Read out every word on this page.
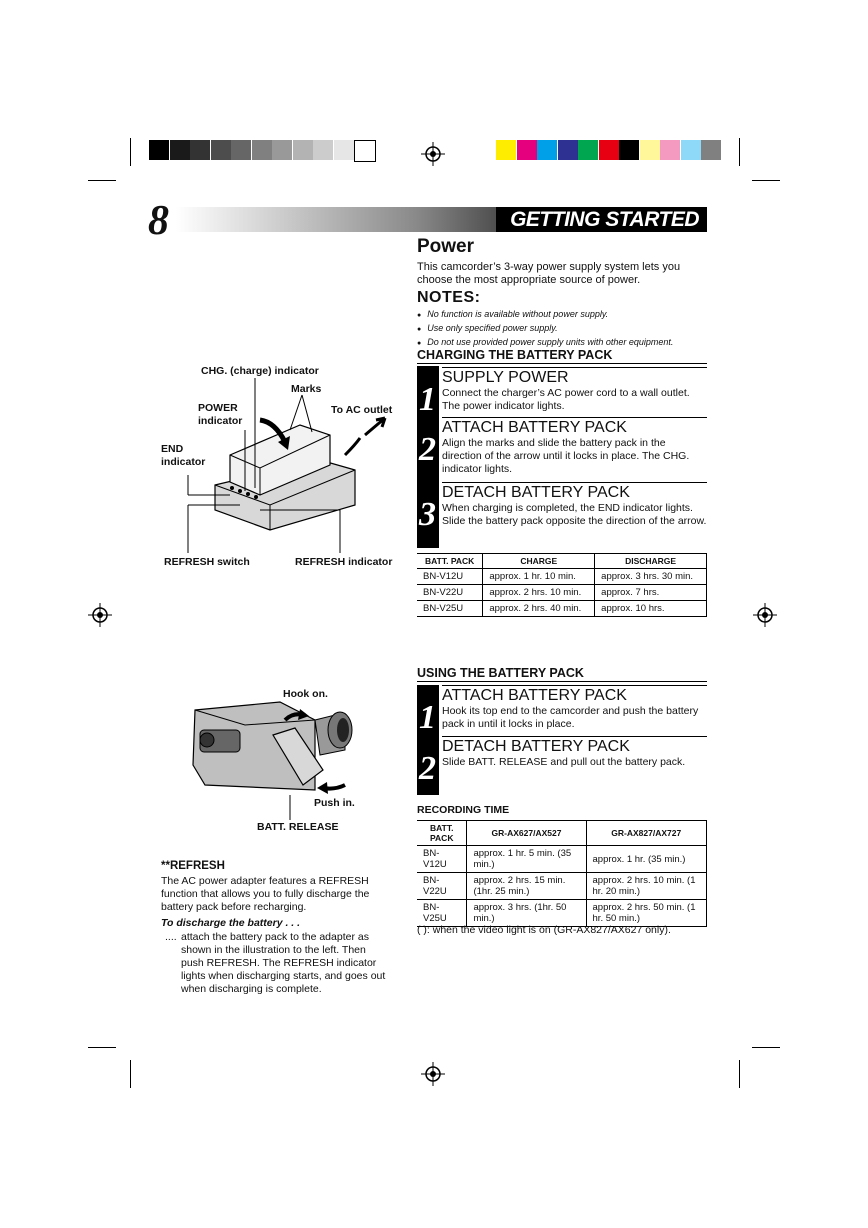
8	GETTING STARTED
Power
This camcorder’s 3-way power supply system lets you choose the most appropriate source of power.
NOTES:
● No function is available without power supply.
● Use only specified power supply.
● Do not use provided power supply units with other equipment.
CHARGING THE BATTERY PACK
1
SUPPLY POWER
Connect the charger’s AC power cord to a wall outlet. The power indicator lights.
2
ATTACH BATTERY PACK
Align the marks and slide the battery pack in the direction of the arrow until it locks in place. The CHG. indicator lights.
3
DETACH BATTERY PACK
When charging is completed, the END indicator lights. Slide the battery pack opposite the direction of the arrow.
BATT. PACK	CHARGE	DISCHARGE
BN-V12U	approx. 1 hr. 10 min.	approx. 3 hrs. 30 min.
BN-V22U	approx. 2 hrs. 10 min.	approx. 7 hrs.
BN-V25U	approx. 2 hrs. 40 min.	approx. 10 hrs.
CHG. (charge) indicator
Marks
POWER indicator
To AC outlet
END indicator
REFRESH switch	REFRESH indicator
Hook on.
Push in.
BATT. RELEASE
USING THE BATTERY PACK
1
ATTACH BATTERY PACK
Hook its top end to the camcorder and push the battery pack in until it locks in place.
2
DETACH BATTERY PACK
Slide BATT. RELEASE and pull out the battery pack.
RECORDING TIME
BATT. PACK	GR-AX627/AX527	GR-AX827/AX727
BN-V12U	approx. 1 hr. 5 min. (35 min.)	approx. 1 hr. (35 min.)
BN-V22U	approx. 2 hrs. 15 min. (1hr. 25 min.)	approx. 2 hrs. 10 min. (1 hr. 20 min.)
BN-V25U	approx. 3 hrs. (1hr. 50 min.)	approx. 2 hrs. 50 min. (1 hr. 50 min.)
( ): when the video light is on (GR-AX827/AX627 only).
**REFRESH
The AC power adapter features a REFRESH function that allows you to fully discharge the battery pack before recharging.
To discharge the battery . . .
.... attach the battery pack to the adapter as shown in the illustration to the left. Then push REFRESH. The REFRESH indicator lights when discharging starts, and goes out when discharging is complete.
